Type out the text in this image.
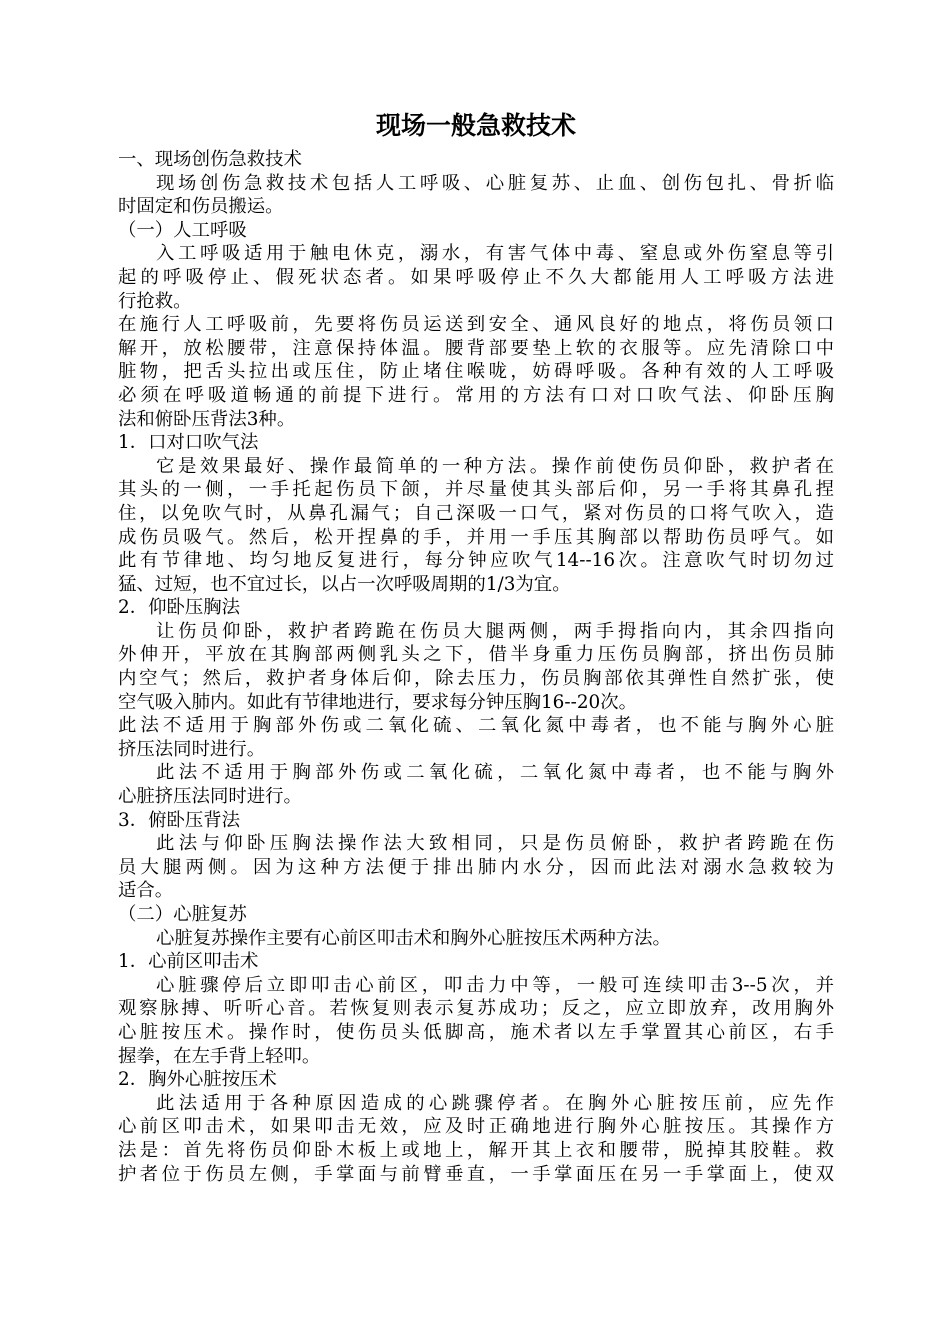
现场一般急救技术
一、现场创伤急救技术
现场创伤急救技术包括人工呼吸、心脏复苏、止血、创伤包扎、骨折临
时固定和伤员搬运。
（一）人工呼吸
入工呼吸适用于触电休克，溺水，有害气体中毒、窒息或外伤窒息等引
起的呼吸停止、假死状态者。如果呼吸停止不久大都能用人工呼吸方法进
行抢救。
在施行人工呼吸前，先要将伤员运送到安全、通风良好的地点，将伤员领口
解开，放松腰带，注意保持体温。腰背部要垫上软的衣服等。应先清除口中
脏物，把舌头拉出或压住，防止堵住喉咙，妨碍呼吸。各种有效的人工呼吸
必须在呼吸道畅通的前提下进行。常用的方法有口对口吹气法、仰卧压胸
法和俯卧压背法3种。
1．口对口吹气法
它是效果最好、操作最简单的一种方法。操作前使伤员仰卧，救护者在
其头的一侧，一手托起伤员下颌，并尽量使其头部后仰，另一手将其鼻孔捏
住，以免吹气时，从鼻孔漏气；自己深吸一口气，紧对伤员的口将气吹入，造
成伤员吸气。然后，松开捏鼻的手，并用一手压其胸部以帮助伤员呼气。如
此有节律地、均匀地反复进行，每分钟应吹气14--16次。注意吹气时切勿过
猛、过短，也不宜过长，以占一次呼吸周期的1/3为宜。
2．仰卧压胸法
让伤员仰卧，救护者跨跪在伤员大腿两侧，两手拇指向内，其余四指向
外伸开，平放在其胸部两侧乳头之下，借半身重力压伤员胸部，挤出伤员肺
内空气；然后，救护者身体后仰，除去压力，伤员胸部依其弹性自然扩张，使
空气吸入肺内。如此有节律地进行，要求每分钟压胸16--20次。
此法不适用于胸部外伤或二氧化硫、二氧化氮中毒者，也不能与胸外心脏
挤压法同时进行。
此法不适用于胸部外伤或二氧化硫，二氧化氮中毒者，也不能与胸外
心脏挤压法同时进行。
3．俯卧压背法
此法与仰卧压胸法操作法大致相同，只是伤员俯卧，救护者跨跪在伤
员大腿两侧。因为这种方法便于排出肺内水分，因而此法对溺水急救较为
适合。
（二）心脏复苏
心脏复苏操作主要有心前区叩击术和胸外心脏按压术两种方法。
1．心前区叩击术
心脏骤停后立即叩击心前区，叩击力中等，一般可连续叩击3--5次，并
观察脉搏、听听心音。若恢复则表示复苏成功；反之，应立即放弃，改用胸外
心脏按压术。操作时，使伤员头低脚高，施术者以左手掌置其心前区，右手
握拳，在左手背上轻叩。
2．胸外心脏按压术
此法适用于各种原因造成的心跳骤停者。在胸外心脏按压前，应先作
心前区叩击术，如果叩击无效，应及时正确地进行胸外心脏按压。其操作方
法是：首先将伤员仰卧木板上或地上，解开其上衣和腰带，脱掉其胶鞋。救
护者位于伤员左侧，手掌面与前臂垂直，一手掌面压在另一手掌面上，使双
